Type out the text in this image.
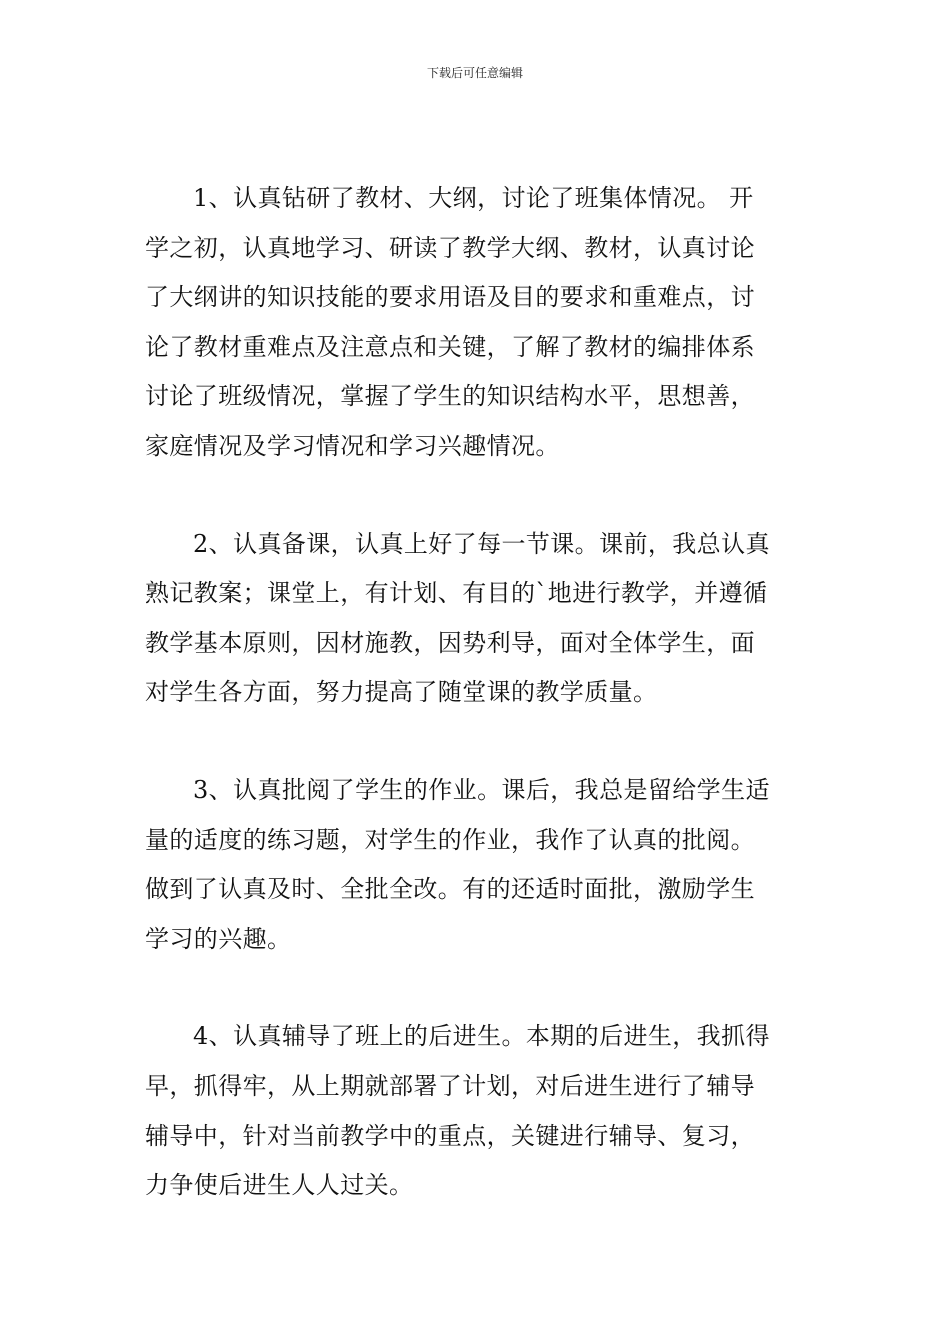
下载后可任意编辑

1、认真钻研了教材、大纲，讨论了班集体情况。 开
学之初，认真地学习、研读了教学大纲、教材，认真讨论
了大纲讲的知识技能的要求用语及目的要求和重难点，讨
论了教材重难点及注意点和关键，了解了教材的编排体系
讨论了班级情况，掌握了学生的知识结构水平，思想善，
家庭情况及学习情况和学习兴趣情况。

2、认真备课，认真上好了每一节课。课前，我总认真
熟记教案；课堂上，有计划、有目的`地进行教学，并遵循
教学基本原则，因材施教，因势利导，面对全体学生，面
对学生各方面，努力提高了随堂课的教学质量。

3、认真批阅了学生的作业。课后，我总是留给学生适
量的适度的练习题，对学生的作业，我作了认真的批阅。
做到了认真及时、全批全改。有的还适时面批，激励学生
学习的兴趣。

4、认真辅导了班上的后进生。本期的后进生，我抓得
早，抓得牢，从上期就部署了计划，对后进生进行了辅导
辅导中，针对当前教学中的重点，关键进行辅导、复习，
力争使后进生人人过关。
